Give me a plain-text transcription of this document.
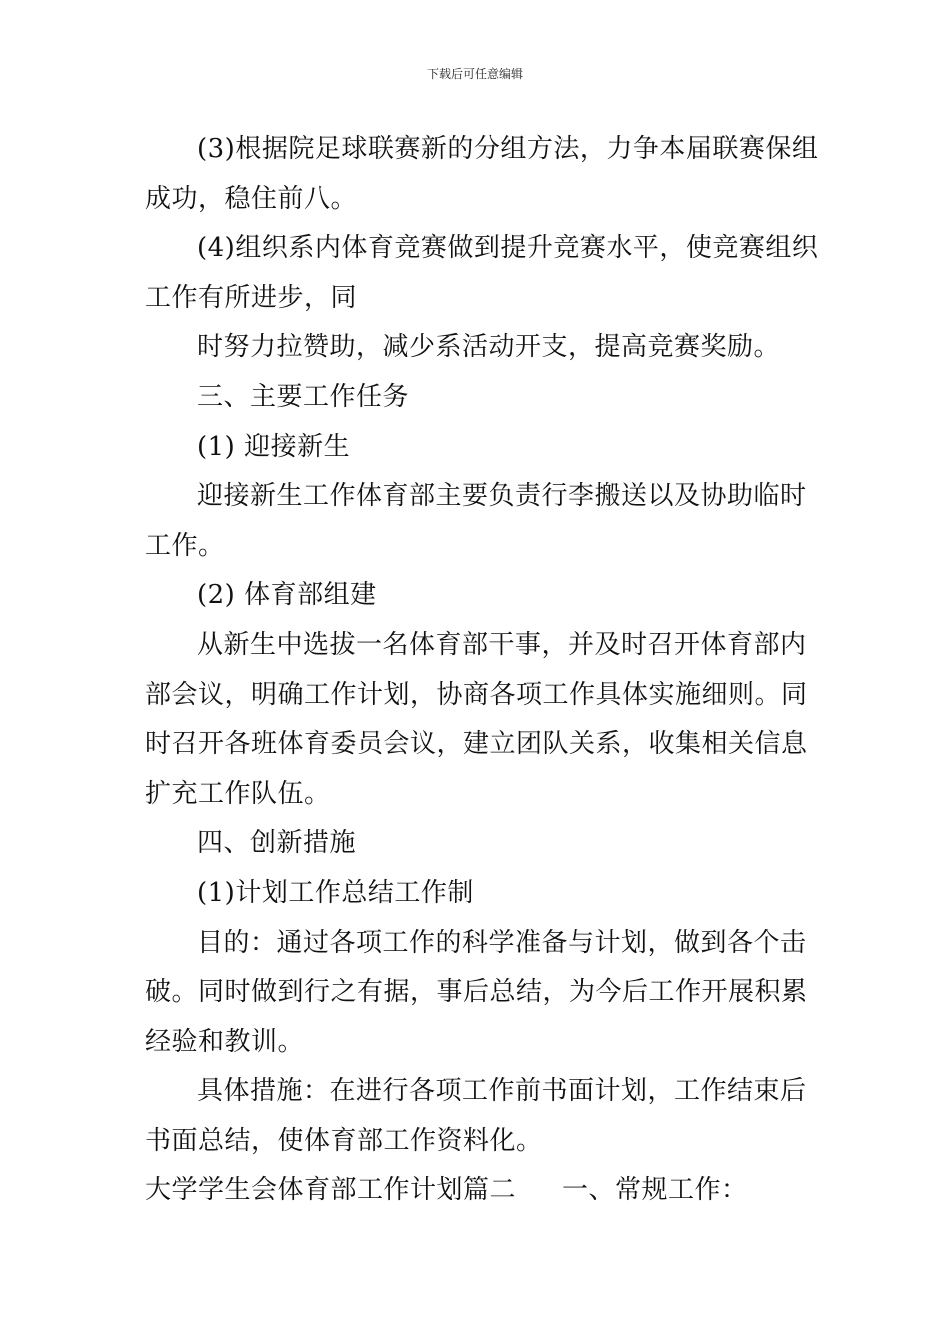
下载后可任意编辑
(3)根据院足球联赛新的分组方法，力争本届联赛保组
成功，稳住前八。
(4)组织系内体育竞赛做到提升竞赛水平，使竞赛组织
工作有所进步，同
时努力拉赞助，减少系活动开支，提高竞赛奖励。
三、主要工作任务
(1) 迎接新生
迎接新生工作体育部主要负责行李搬送以及协助临时
工作。
(2) 体育部组建
从新生中选拔一名体育部干事，并及时召开体育部内
部会议，明确工作计划，协商各项工作具体实施细则。同
时召开各班体育委员会议，建立团队关系，收集相关信息
扩充工作队伍。
四、创新措施
(1)计划工作总结工作制
目的：通过各项工作的科学准备与计划，做到各个击
破。同时做到行之有据，事后总结，为今后工作开展积累
经验和教训。
具体措施：在进行各项工作前书面计划，工作结束后
书面总结，使体育部工作资料化。
大学学生会体育部工作计划篇二 一、常规工作：
